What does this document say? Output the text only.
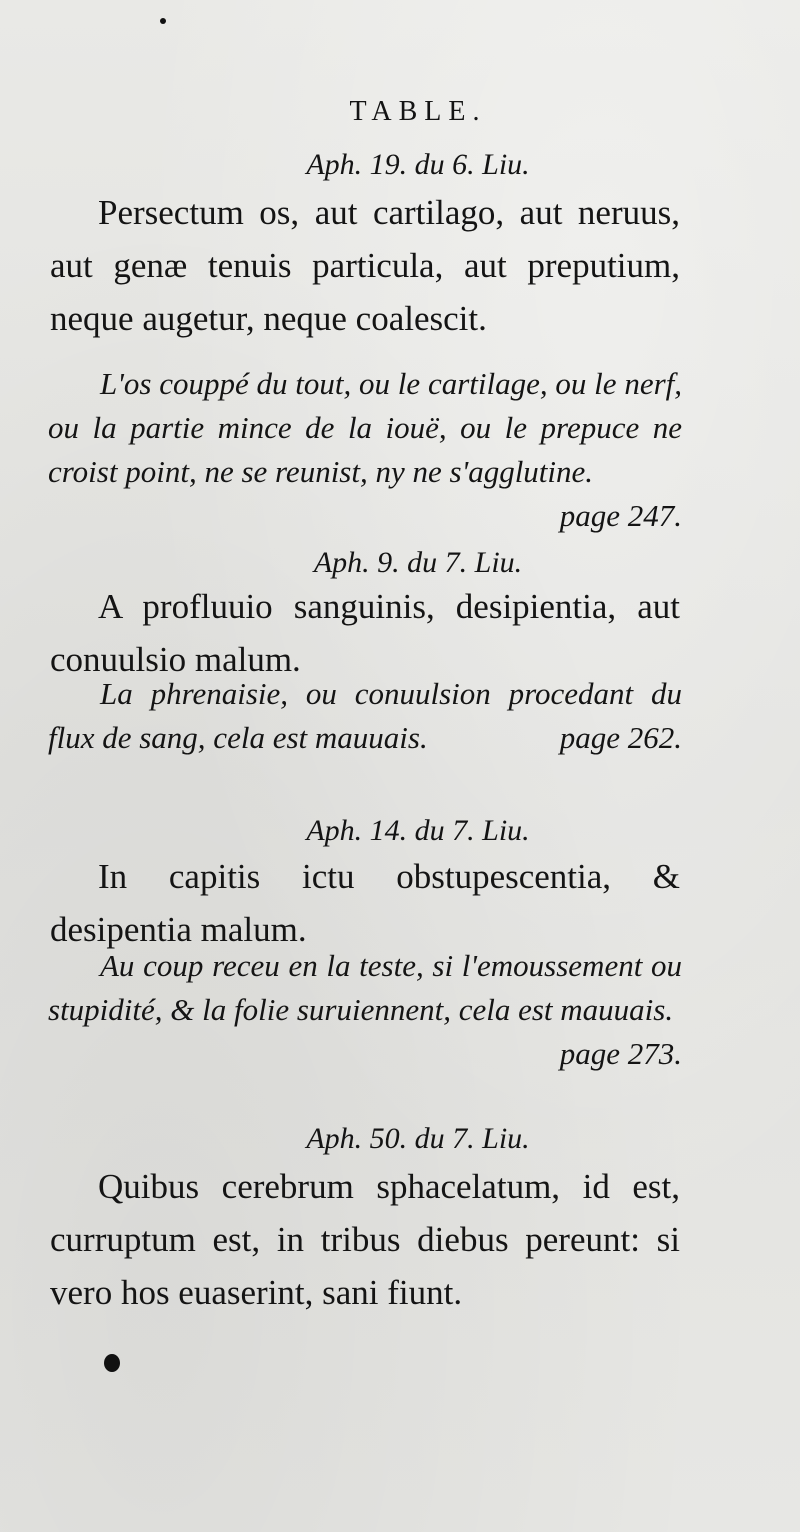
TABLE.
Aph. 19. du 6. Liu.

Persectum os, aut cartilago, aut neruus, aut genæ tenuis particula, aut preputium, neque augetur, neque coalescit.

L'os couppé du tout, ou le cartilage, ou le nerf, ou la partie mince de la iouë, ou le prepuce ne croist point, ne se reunist, ny ne s'agglutine.
page 247.

Aph. 9. du 7. Liu.

A profluuio sanguinis, desipientia, aut conuulsio malum.

La phrenaisie, ou conuulsion procedant du flux de sang, cela est mauuais.	page 262.

Aph. 14. du 7. Liu.

In capitis ictu obstupescentia, & desipentia malum.

Au coup receu en la teste, si l'emoussement ou stupidité, & la folie suruiennent, cela est mauuais.
page 273.

Aph. 50. du 7. Liu.

Quibus cerebrum sphacelatum, id est, curruptum est, in tribus diebus pereunt: si vero hos euaserint, sani fiunt.
